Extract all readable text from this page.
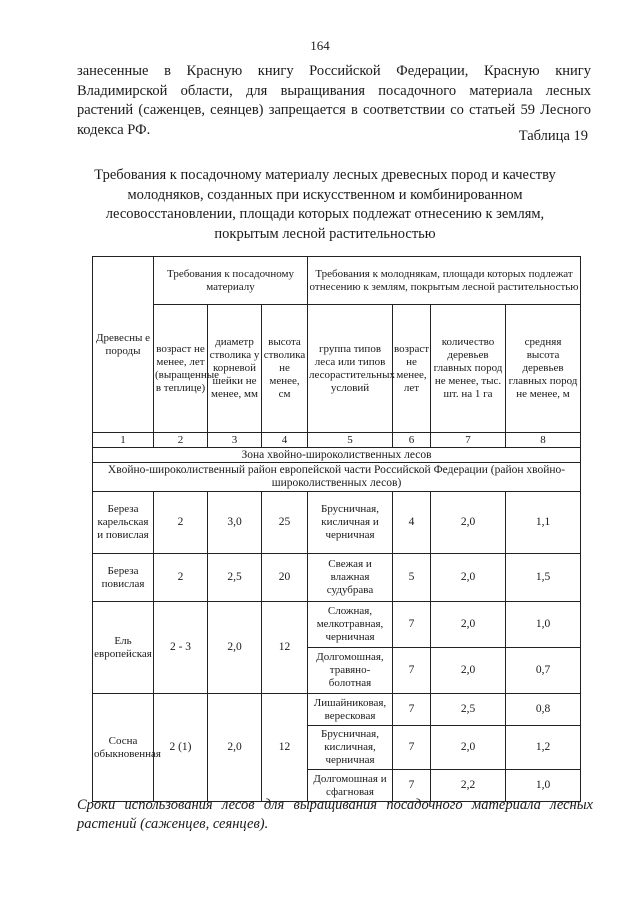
164
занесенные в Красную книгу Российской Федерации, Красную книгу Владимирской области, для выращивания посадочного материала лесных растений (саженцев, сеянцев) запрещается в соответствии со статьей 59 Лесного кодекса РФ.	Таблица 19
Требования к посадочному материалу лесных древесных пород и качеству молодняков, созданных при искусственном и комбинированном лесовосстановлении, площади которых подлежат отнесению к землям, покрытым лесной растительностью
Древесны е породы	Требования к посадочному материалу			Требования к молоднякам, площади которых подлежат отнесению к землям, покрытым лесной растительностью			
	возраст не менее, лет (выращенные в теплице)	диаметр стволика у корневой шейки не менее, мм	высота стволика не менее, см	группа типов леса или типов лесорастительных условий	возраст не менее, лет	количество деревьев главных пород не менее, тыс. шт. на 1 га	средняя высота деревьев главных пород не менее, м
1	2	3	4	5	6	7	8
Зона хвойно-широколиственных лесов							
Хвойно-широколиственный район европейской части Российской Федерации (район хвойно-широколиственных лесов)							
Береза карельская и повислая	2	3,0	25	Брусничная, кисличная и черничная	4	2,0	1,1
Береза повислая	2	2,5	20	Свежая и влажная судубрава	5	2,0	1,5
Ель европейская	2 - 3	2,0	12	Сложная, мелкотравная, черничная	7	2,0	1,0
				Долгомошная, травяно-болотная	7	2,0	0,7
Сосна обыкновенная	2 (1)	2,0	12	Лишайниковая, вересковая	7	2,5	0,8
				Брусничная, кисличная, черничная	7	2,0	1,2
				Долгомошная и сфагновая	7	2,2	1,0
Сроки использования лесов для выращивания посадочного материала лесных растений (саженцев, сеянцев).
